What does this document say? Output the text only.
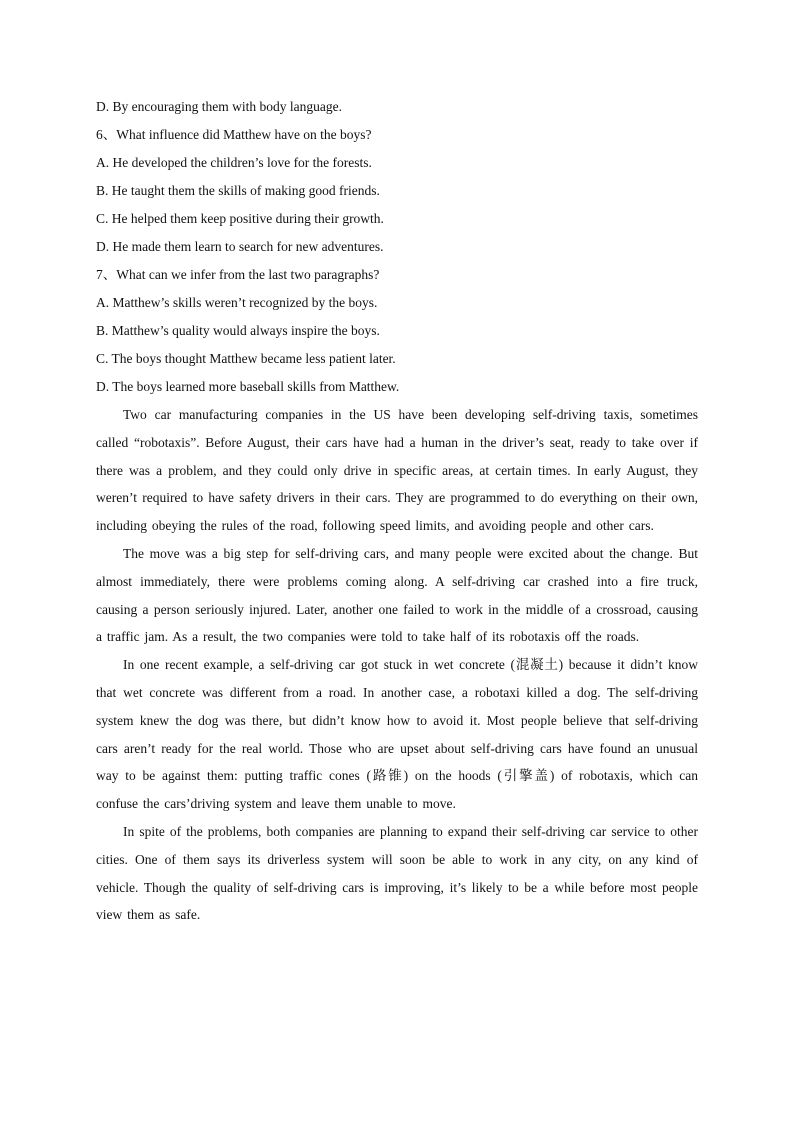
D. By encouraging them with body language.

6、What influence did Matthew have on the boys?

A. He developed the children’s love for the forests.

B. He taught them the skills of making good friends.

C. He helped them keep positive during their growth.

D. He made them learn to search for new adventures.

7、What can we infer from the last two paragraphs?

A. Matthew’s skills weren’t recognized by the boys.

B. Matthew’s quality would always inspire the boys.

C. The boys thought Matthew became less patient later.

D. The boys learned more baseball skills from Matthew.

Two car manufacturing companies in the US have been developing self-driving taxis, sometimes called “robotaxis”. Before August, their cars have had a human in the driver’s seat, ready to take over if there was a problem, and they could only drive in specific areas, at certain times. In early August, they weren’t required to have safety drivers in their cars. They are programmed to do everything on their own, including obeying the rules of the road, following speed limits, and avoiding people and other cars.

The move was a big step for self-driving cars, and many people were excited about the change. But almost immediately, there were problems coming along. A self-driving car crashed into a fire truck, causing a person seriously injured. Later, another one failed to work in the middle of a crossroad, causing a traffic jam. As a result, the two companies were told to take half of its robotaxis off the roads.

In one recent example, a self-driving car got stuck in wet concrete (混凝土) because it didn’t know that wet concrete was different from a road. In another case, a robotaxi killed a dog. The self-driving system knew the dog was there, but didn’t know how to avoid it. Most people believe that self-driving cars aren’t ready for the real world. Those who are upset about self-driving cars have found an unusual way to be against them: putting traffic cones (路锥) on the hoods (引擎盖) of robotaxis, which can confuse the cars’driving system and leave them unable to move.

In spite of the problems, both companies are planning to expand their self-driving car service to other cities. One of them says its driverless system will soon be able to work in any city, on any kind of vehicle. Though the quality of self-driving cars is improving, it’s likely to be a while before most people view them as safe.
